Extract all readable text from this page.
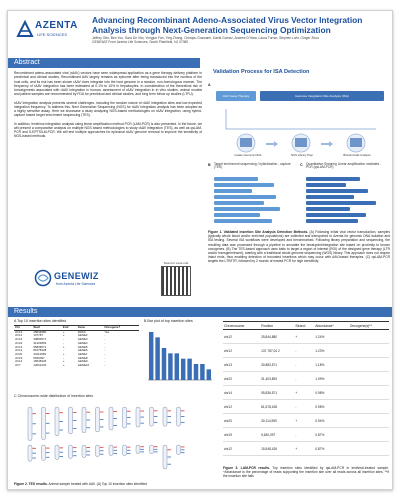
AZENTA
LIFE SCIENCES
Advancing Recombinant Adeno-Associated Virus Vector Integration Analysis through Next-Generation Sequencing Optimization
Jeffrey Otto, Ben You, Sara De Vito, Yongjun Fan, Ying Zhang, Chinapu Goswami, David Gomez, Andrew D'Hara, Laura Turner, Stephen Lahr, Ginger Zhou
GENEWIZ From Azenta Life Sciences, South Plainfield, NJ 07080
Abstract

Recombinant adeno-associated viral (rAAV) vectors have seen widespread application as a gene therapy delivery platform in preclinical and clinical studies. Recombinant AAV largely remains as episome after being transduced into the nucleus of the host cells, and its risk has been shown rAAV does integrate into the host genome in a random, non-homologous manner. The frequency of rAAV integration has been estimated at 0.1% to 10% in hepatocytes. In consideration of the theoretical risk of tumorigenesis associated with rAAV integration in human, assessment of rAAV integration in in vitro studies, animal models and patient samples are recommended by FDA for preclinical and clinical studies, and long term follow up studies (LTFU).

rAAV integration analysis presents several challenges, including the random nature of rAAV integration sites and low expected integration frequency. To address this, Next Generation Sequencing (NGS) for rAAV integration analysis has been adopted as a highly sensitive assay. Here we showcase a study analyzing NGS-based methodologies on rAAV integration, using hybrid-capture based target enrichment sequencing (TES).

In addition, lentivirus integration analysis using linear amplification method PCR (LAM-PCR) is also presented. In the future, we will present a comparative analysis on multiple NGS based methodologies to study rAAV integration (TES), as well as qsLAM-PCR and S-EPTS/LM-PCR. We will test multiple approaches for episomal rAAV genome removal to improve the sensitivity of NGS-based methods.

GENEWIZ
from Azenta Life Sciences
Scan for more info
Validation Process for ISA Detection
A
AAV Gene Therapy	Genome Integration Site Analysis (ISA)
Isolate Genomic DNA	NGS Library Prep	Bioinformatic Analysis
B Target enrichment sequencing / hybridization - capture (TES)
C Quantitative-Shearing Linear amplification mediated - PCR (qsLAM-PCR)
Figure 1. Validated Insertion Site Analysis Detection Methods. (A) Following initial viral vector transduction, samples (typically whole blood and/or enriched populations) are collected and transported to Azenta for genomic DNA isolation and ISA testing. Several ISA workflows were developed and benchmarked. Following library preparation and sequencing, the resulting data was processed through a pipeline to annotate the breakpoint/integration site based on proximity to known oncogenes. (B) The TES-based approach uses baits to target a region of interest (ROI) of the designed gene therapy (LTR and/or transgene/insert), starting with a traditional whole genome sequencing (WGS) library. This approach does not require intact ends, thus enabling detection of truncated insertions which may occur with AAV-based therapies. (C) qsLAM-PCR targets the LTR/ITR, followed by 2 rounds of nested PCR for high sensitivity.
Results
A Top 10 insertion sites identified
Chr	Start	End	Gene	Oncogene?
chr12	25844880	+	KRAS	Yes
chr12	137787	+	GENE2	-
chr13	30883571	-	GENE3	-
chr22	31403893	-	GENE4	-
chr14	95836571	+	GENE5	-
chr12	81678428	-	GENE6	-
chr20	30114959	+	GENE7	-
chr19	5630097	-	GENE8	-
chr12	15548426	+	GENE9	-
chr7	12001234	+	GENE10	-
B Bar plot of top insertion sites
C Chromosome-wide distribution of insertion sites
Figure 2. TES results. Animal sample treated with AAV. (A) Top 10 insertion sites identified
Chromosome	Position	Strand	Abundance^	Oncogene(s)**
chr12	25,844,880	+	1.24%	
chr12	137,787,04 2	-	1.23%	
chr13	30,883,571	-	1.18%	
chr22	31,403,893	-	1.09%	
chr14	95,836,571	+	0.98%	
chr12	81,678,428	-	0.98%	
chr20	30,114,959	+	0.94%	
chr19	5,630,097	-	0.87%	
chr12	15,548,426	+	0.87%	
Figure 3. LAM-PCR results. Top insertion sites identified by qsLAM-PCR in lentiviral-treated sample. ^Abundance is the percentage of reads supporting the insertion site over all reads across all insertion sites. **If the insertion site falls
